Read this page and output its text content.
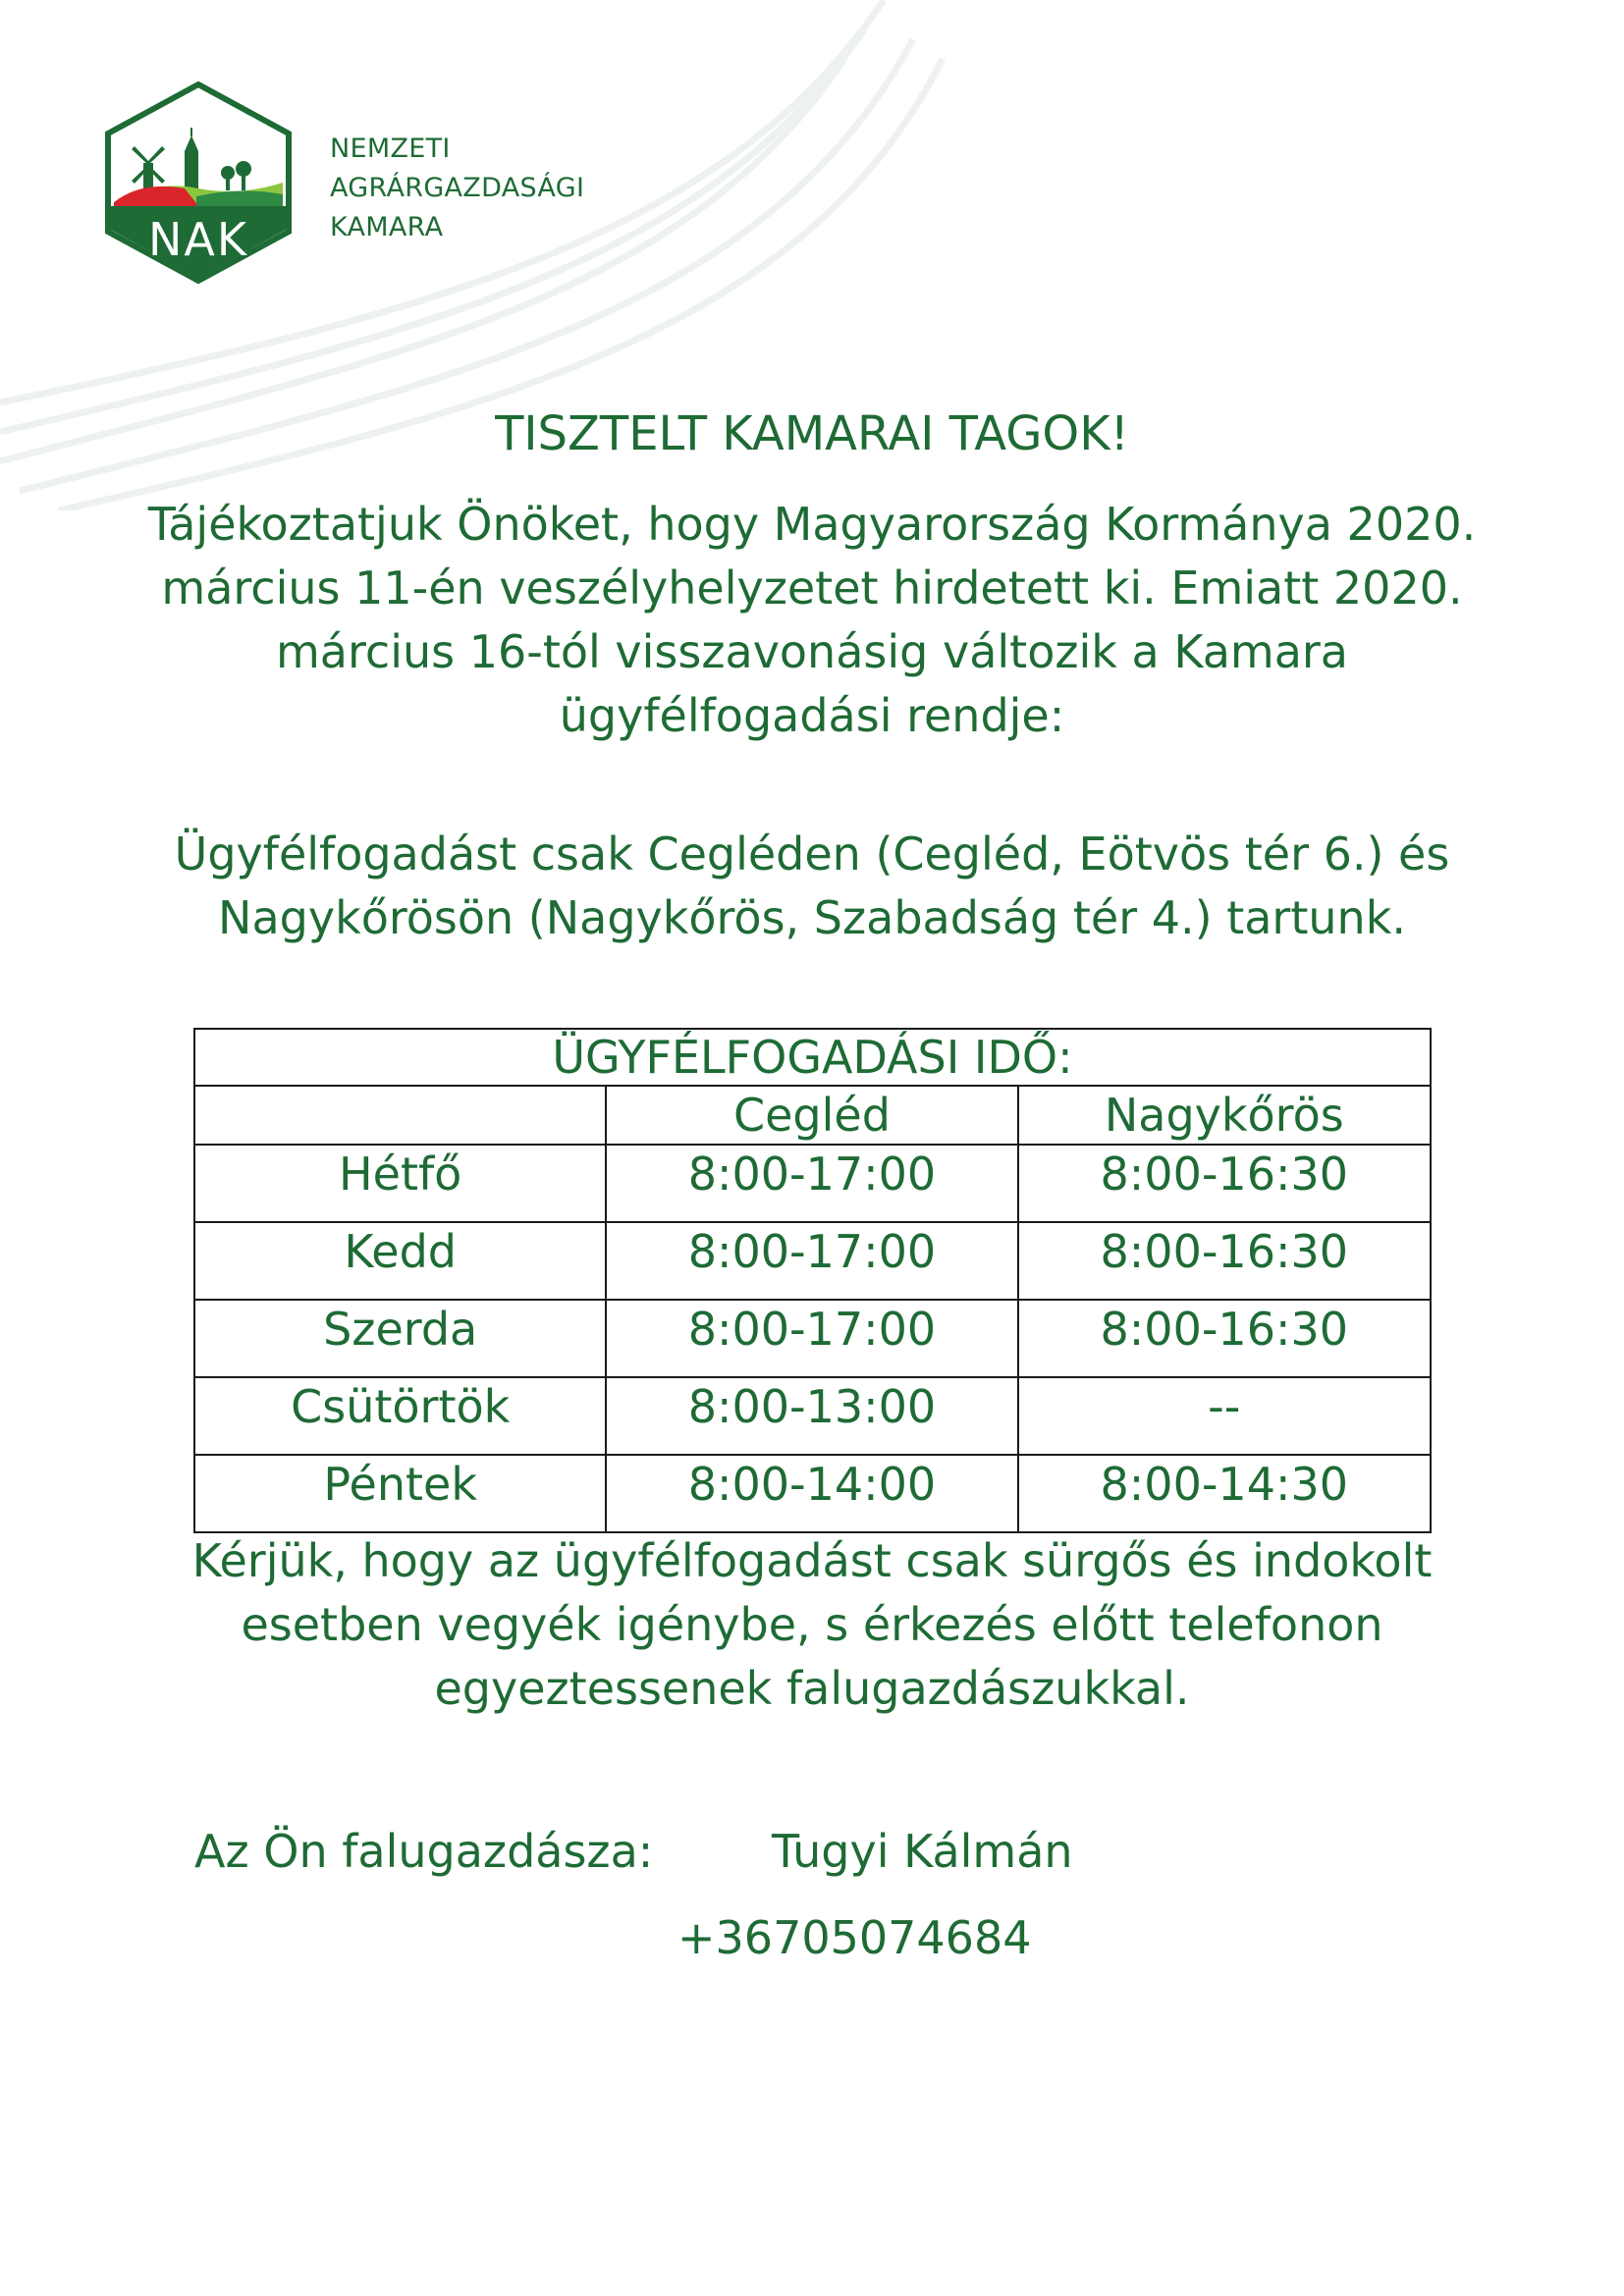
NAK
NEMZETI
AGRÁRGAZDASÁGI
KAMARA
TISZTELT KAMARAI TAGOK!
Tájékoztatjuk Önöket, hogy Magyarország Kormánya 2020. március 11-én veszélyhelyzetet hirdetett ki. Emiatt 2020. március 16-tól visszavonásig változik a Kamara ügyfélfogadási rendje:
Ügyfélfogadást csak Cegléden (Cegléd, Eötvös tér 6.) és Nagykőrösön (Nagykőrös, Szabadság tér 4.) tartunk.
ÜGYFÉLFOGADÁSI IDŐ:		
	Cegléd	Nagykőrös
Hétfő	8:00-17:00	8:00-16:30
Kedd	8:00-17:00	8:00-16:30
Szerda	8:00-17:00	8:00-16:30
Csütörtök	8:00-13:00	--
Péntek	8:00-14:00	8:00-14:30
Kérjük, hogy az ügyfélfogadást csak sürgős és indokolt esetben vegyék igénybe, s érkezés előtt telefonon egyeztessenek falugazdászukkal.
Az Ön falugazdásza:	Tugyi Kálmán
+36705074684
